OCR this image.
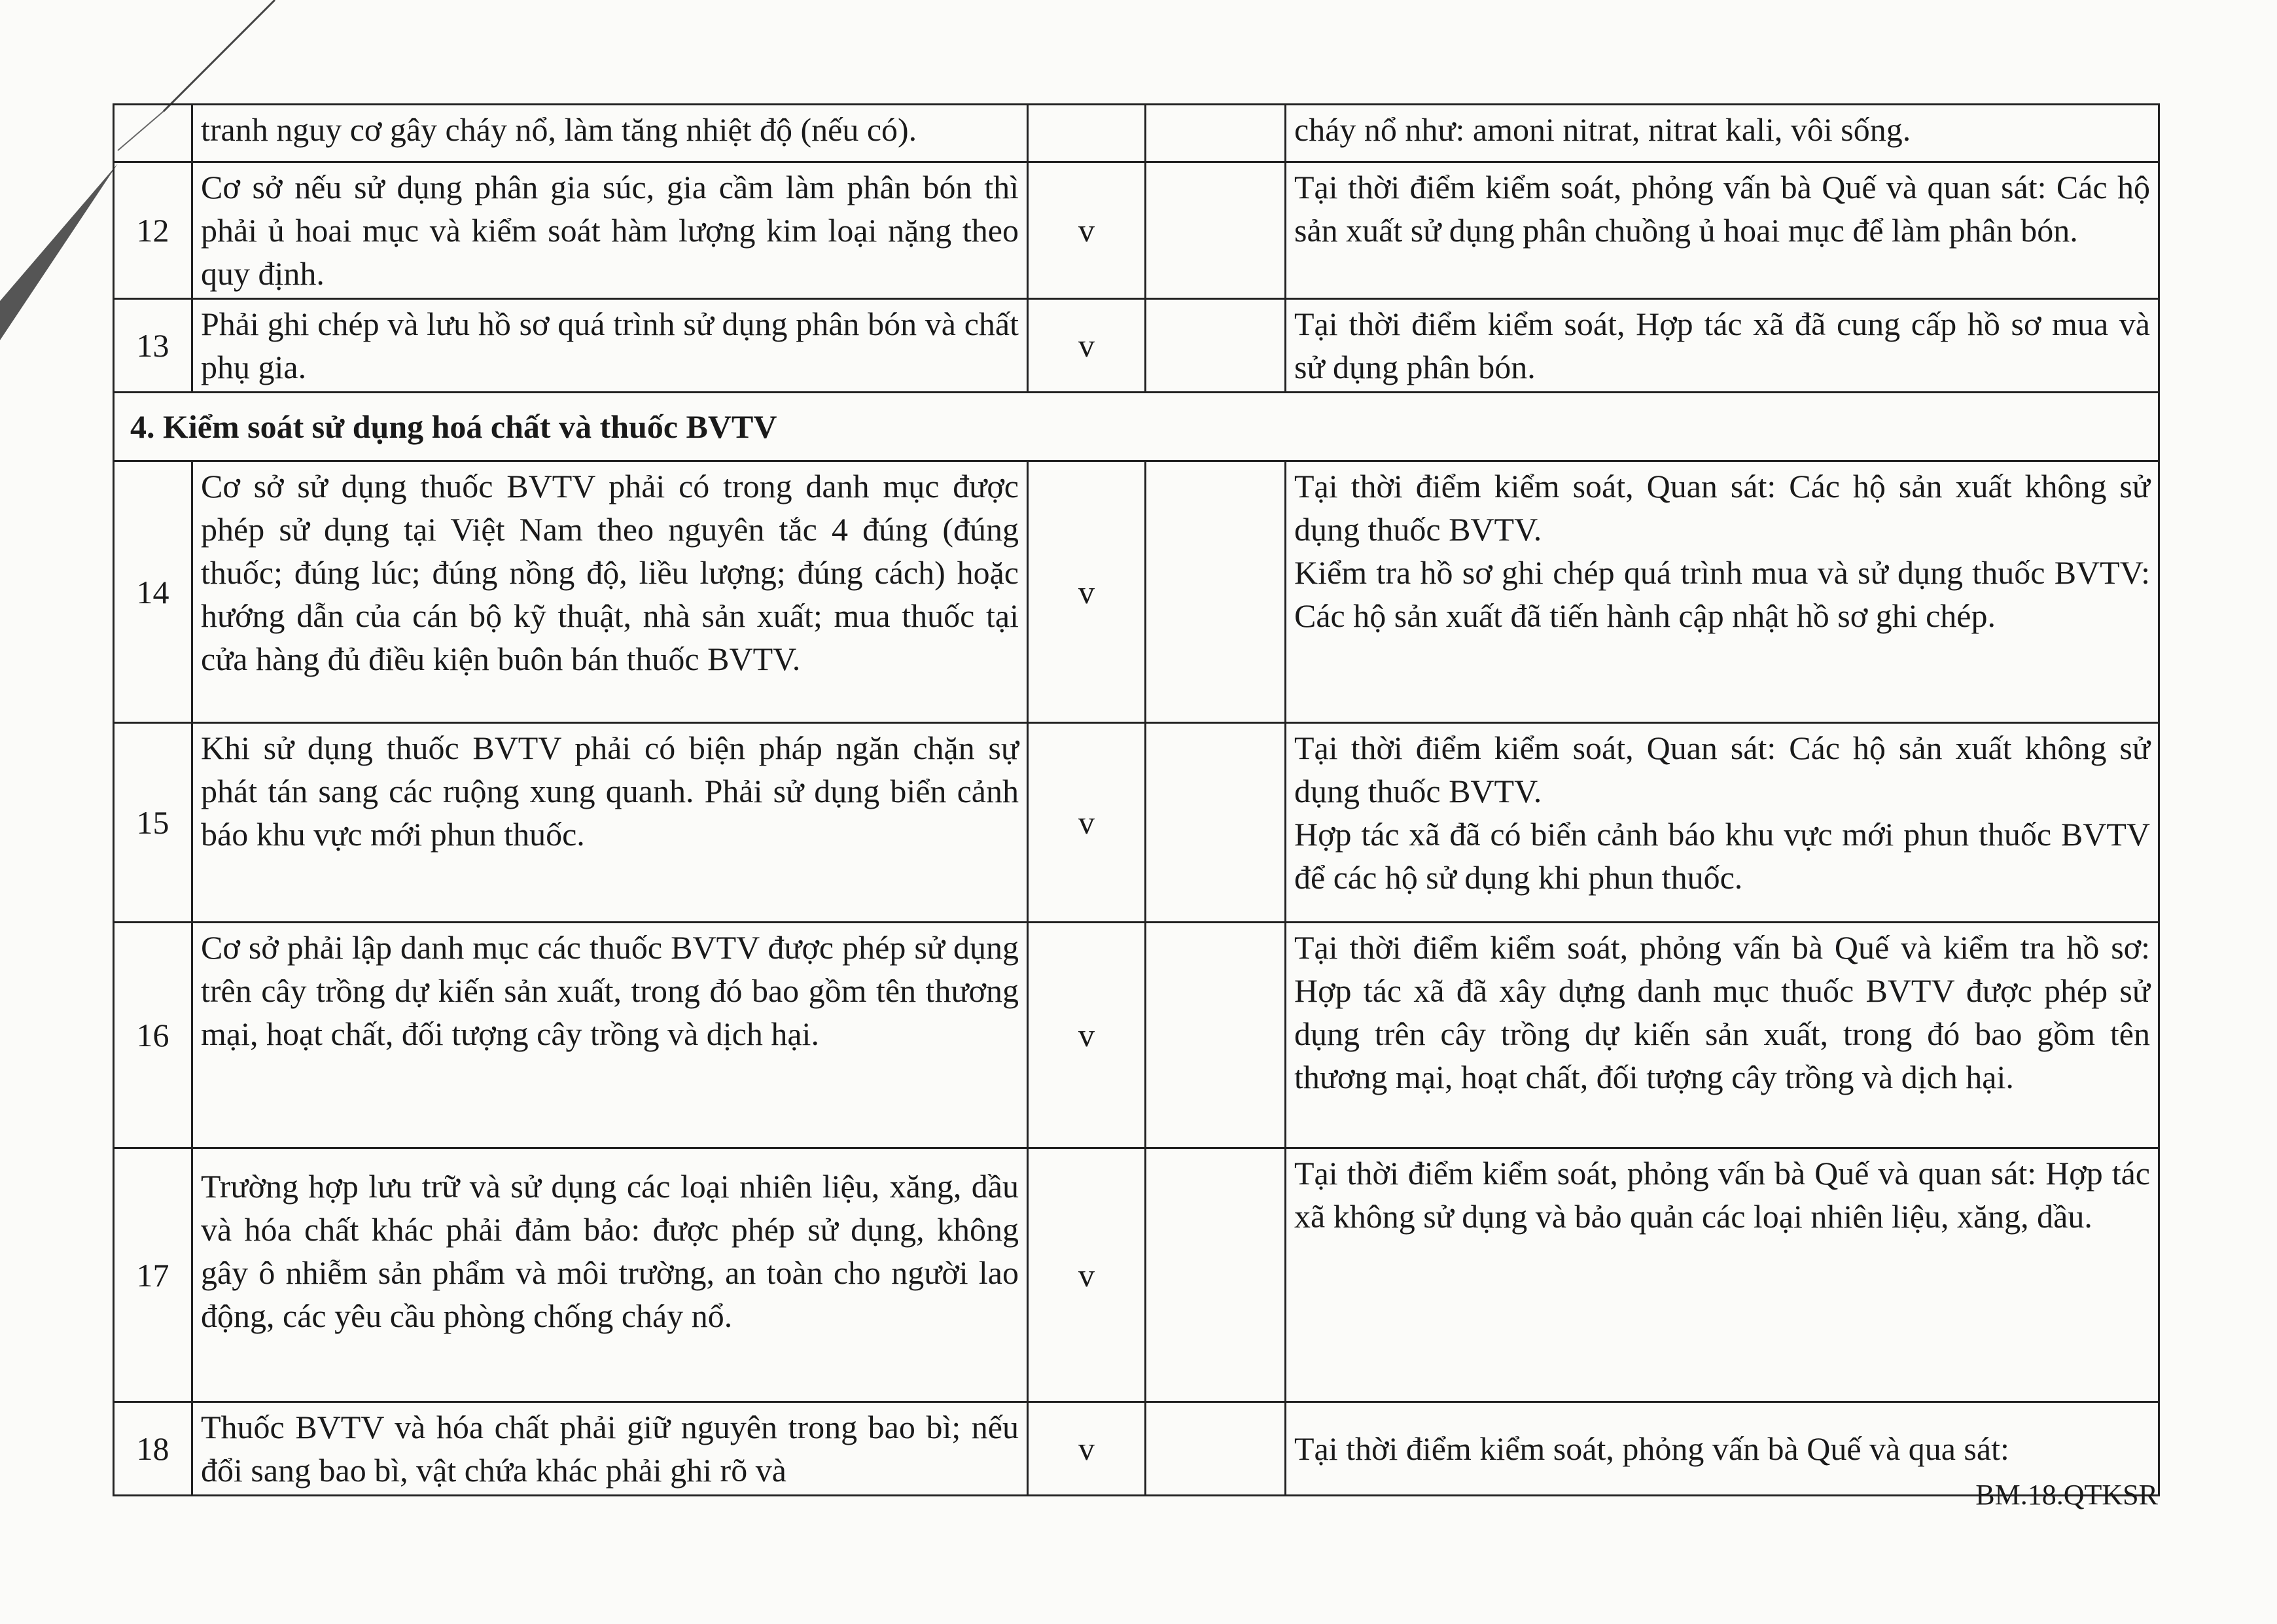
	tranh nguy cơ gây cháy nổ, làm tăng nhiệt độ (nếu có).			cháy nổ như: amoni nitrat, nitrat kali, vôi sống.

12	Cơ sở nếu sử dụng phân gia súc, gia cầm làm phân bón thì phải ủ hoai mục và kiểm soát hàm lượng kim loại nặng theo quy định.	v		Tại thời điểm kiểm soát, phỏng vấn bà Quế và quan sát: Các hộ sản xuất sử dụng phân chuồng ủ hoai mục để làm phân bón.

13	Phải ghi chép và lưu hồ sơ quá trình sử dụng phân bón và chất phụ gia.	v		Tại thời điểm kiểm soát, Hợp tác xã đã cung cấp hồ sơ mua và sử dụng phân bón.

4. Kiểm soát sử dụng hoá chất và thuốc BVTV				
14	Cơ sở sử dụng thuốc BVTV phải có trong danh mục được phép sử dụng tại Việt Nam theo nguyên tắc 4 đúng (đúng thuốc; đúng lúc; đúng nồng độ, liều lượng; đúng cách) hoặc hướng dẫn của cán bộ kỹ thuật, nhà sản xuất; mua thuốc tại cửa hàng đủ điều kiện buôn bán thuốc BVTV.	v		Tại thời điểm kiểm soát, Quan sát: Các hộ sản xuất không sử dụng thuốc BVTV.
Kiểm tra hồ sơ ghi chép quá trình mua và sử dụng thuốc BVTV: Các hộ sản xuất đã tiến hành cập nhật hồ sơ ghi chép.

15	Khi sử dụng thuốc BVTV phải có biện pháp ngăn chặn sự phát tán sang các ruộng xung quanh. Phải sử dụng biển cảnh báo khu vực mới phun thuốc.	v		Tại thời điểm kiểm soát, Quan sát: Các hộ sản xuất không sử dụng thuốc BVTV.
Hợp tác xã đã có biển cảnh báo khu vực mới phun thuốc BVTV để các hộ sử dụng khi phun thuốc.

16	Cơ sở phải lập danh mục các thuốc BVTV được phép sử dụng trên cây trồng dự kiến sản xuất, trong đó bao gồm tên thương mại, hoạt chất, đối tượng cây trồng và dịch hại.	v		Tại thời điểm kiểm soát, phỏng vấn bà Quế và kiểm tra hồ sơ: Hợp tác xã đã xây dựng danh mục thuốc BVTV được phép sử dụng trên cây trồng dự kiến sản xuất, trong đó bao gồm tên thương mại, hoạt chất, đối tượng cây trồng và dịch hại.

17	Trường hợp lưu trữ và sử dụng các loại nhiên liệu, xăng, dầu và hóa chất khác phải đảm bảo: được phép sử dụng, không gây ô nhiễm sản phẩm và môi trường, an toàn cho người lao động, các yêu cầu phòng chống cháy nổ.	v		Tại thời điểm kiểm soát, phỏng vấn bà Quế và quan sát: Hợp tác xã không sử dụng và bảo quản các loại nhiên liệu, xăng, dầu.

18	Thuốc BVTV và hóa chất phải giữ nguyên trong bao bì; nếu đổi sang bao bì, vật chứa khác phải ghi rõ và	v		Tại thời điểm kiểm soát, phỏng vấn bà Quế và qua sát:
BM.18.QTKSR
